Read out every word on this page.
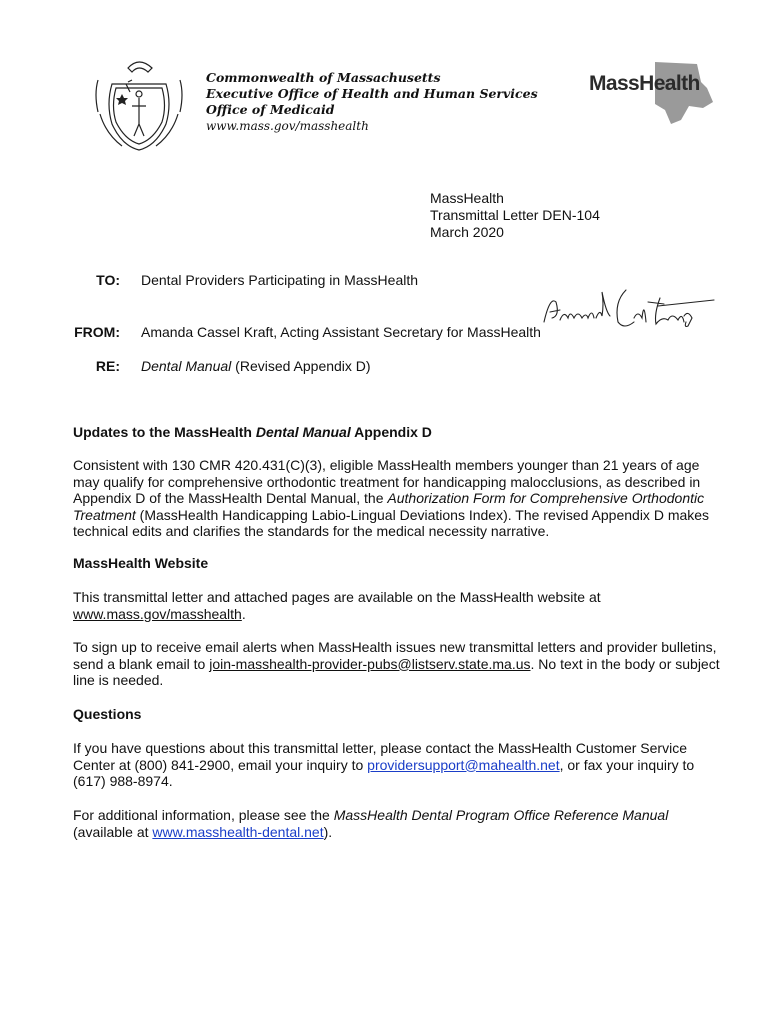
Commonwealth of Massachusetts
Executive Office of Health and Human Services
Office of Medicaid
www.mass.gov/masshealth
MassHealth
MassHealth
Transmittal Letter DEN-104
March 2020
TO: Dental Providers Participating in MassHealth
FROM: Amanda Cassel Kraft, Acting Assistant Secretary for MassHealth
RE: Dental Manual (Revised Appendix D)
Updates to the MassHealth Dental Manual Appendix D
Consistent with 130 CMR 420.431(C)(3), eligible MassHealth members younger than 21 years of age may qualify for comprehensive orthodontic treatment for handicapping malocclusions, as described in Appendix D of the MassHealth Dental Manual, the Authorization Form for Comprehensive Orthodontic Treatment (MassHealth Handicapping Labio-Lingual Deviations Index). The revised Appendix D makes technical edits and clarifies the standards for the medical necessity narrative.
MassHealth Website
This transmittal letter and attached pages are available on the MassHealth website at www.mass.gov/masshealth.
To sign up to receive email alerts when MassHealth issues new transmittal letters and provider bulletins, send a blank email to join-masshealth-provider-pubs@listserv.state.ma.us. No text in the body or subject line is needed.
Questions
If you have questions about this transmittal letter, please contact the MassHealth Customer Service Center at (800) 841-2900, email your inquiry to providersupport@mahealth.net, or fax your inquiry to (617) 988-8974.
For additional information, please see the MassHealth Dental Program Office Reference Manual (available at www.masshealth-dental.net).
